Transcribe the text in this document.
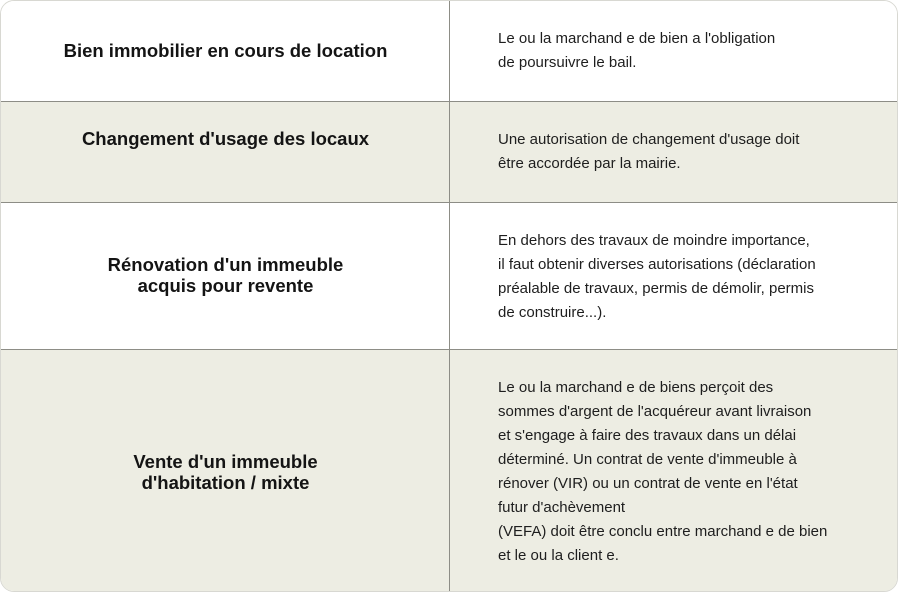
Bien immobilier en cours de location
Le ou la marchand e de bien a l'obligation
de poursuivre le bail.
Changement d'usage des locaux	Une autorisation de changement d'usage doit
être accordée par la mairie.
Rénovation d'un immeuble
acquis pour revente
En dehors des travaux de moindre importance,
il faut obtenir diverses autorisations (déclaration
préalable de travaux, permis de démolir, permis
de construire...).
Vente d'un immeuble
d'habitation / mixte
Le ou la marchand e de biens perçoit des
sommes d'argent de l'acquéreur avant livraison
et s'engage à faire des travaux dans un délai
déterminé. Un contrat de vente d'immeuble à
rénover (VIR) ou un contrat de vente en l'état
futur d'achèvement
(VEFA) doit être conclu entre marchand e de bien
et le ou la client e.
